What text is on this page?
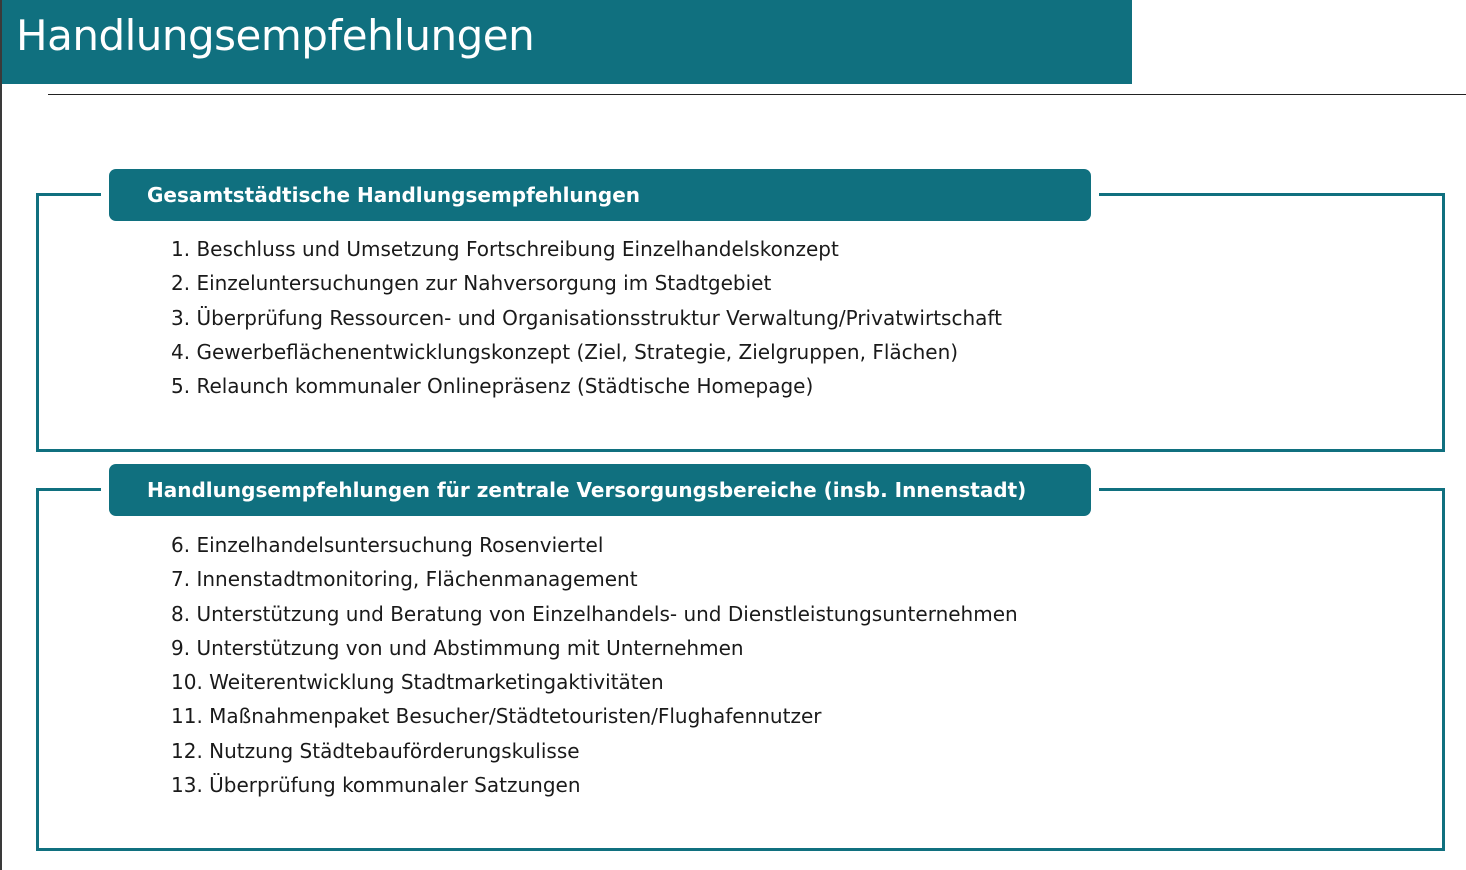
Handlungsempfehlungen
Gesamtstädtische Handlungsempfehlungen
1. Beschluss und Umsetzung Fortschreibung Einzelhandelskonzept
2. Einzeluntersuchungen zur Nahversorgung im Stadtgebiet
3. Überprüfung Ressourcen- und Organisationsstruktur Verwaltung/Privatwirtschaft
4. Gewerbeflächenentwicklungskonzept (Ziel, Strategie, Zielgruppen, Flächen)
5. Relaunch kommunaler Onlinepräsenz (Städtische Homepage)
Handlungsempfehlungen für zentrale Versorgungsbereiche (insb. Innenstadt)
6. Einzelhandelsuntersuchung Rosenviertel
7. Innenstadtmonitoring, Flächenmanagement
8. Unterstützung und Beratung von Einzelhandels- und Dienstleistungsunternehmen
9. Unterstützung von und Abstimmung mit Unternehmen
10. Weiterentwicklung Stadtmarketingaktivitäten
11. Maßnahmenpaket Besucher/Städtetouristen/Flughafennutzer
12. Nutzung Städtebauförderungskulisse
13. Überprüfung kommunaler Satzungen
